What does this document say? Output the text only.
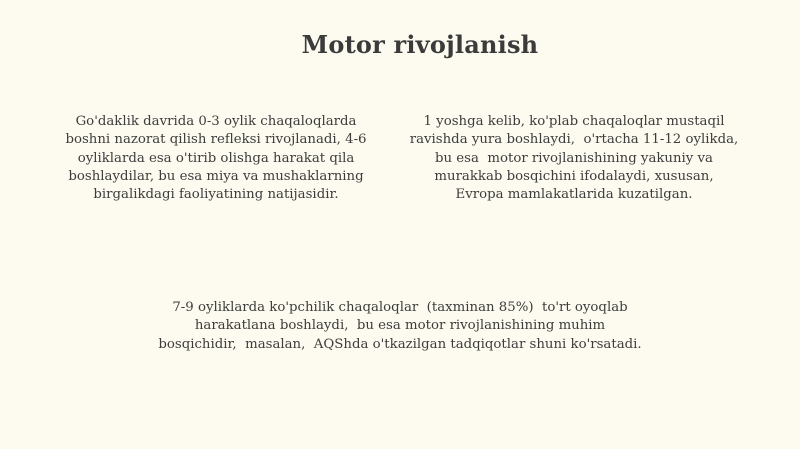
Motor rivojlanish
Go'daklik davrida 0-3 oylik chaqaloqlarda
boshni nazorat qilish refleksi rivojlanadi, 4-6
oyliklarda esa o'tirib olishga harakat qila
boshlaydilar, bu esa miya va mushaklarning
birgalikdagi faoliyatining natijasidir.
1 yoshga kelib, ko'plab chaqaloqlar mustaqil
ravishda yura boshlaydi,  o'rtacha 11-12 oylikda,
bu esa  motor rivojlanishining yakuniy va
murakkab bosqichini ifodalaydi, xususan,
Evropa mamlakatlarida kuzatilgan.
7-9 oyliklarda ko'pchilik chaqaloqlar  (taxminan 85%)  to'rt oyoqlab
harakatlana boshlaydi,  bu esa motor rivojlanishining muhim
bosqichidir,  masalan,  AQShda o'tkazilgan tadqiqotlar shuni ko'rsatadi.
